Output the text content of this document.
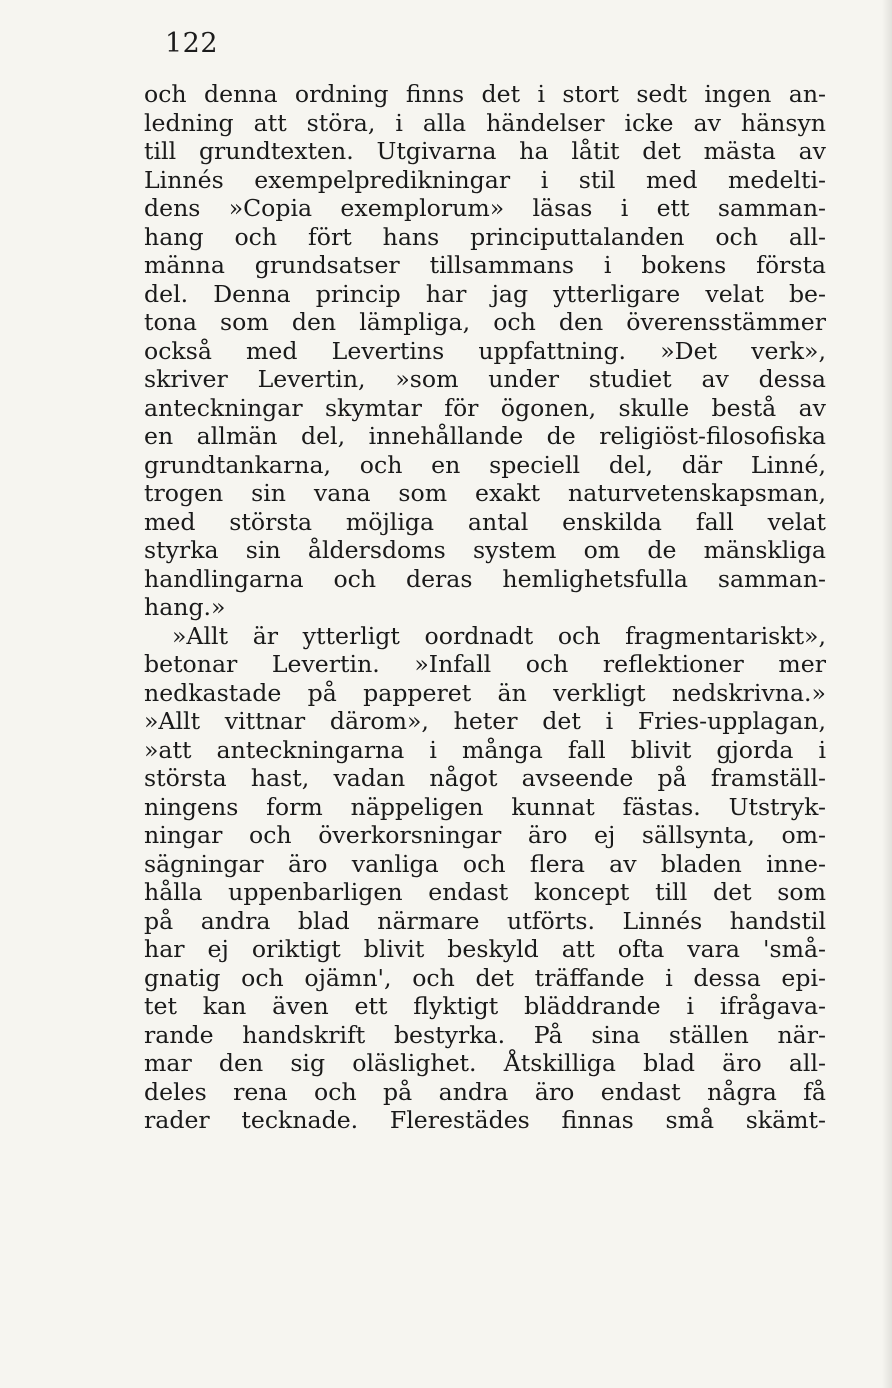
122
och denna ordning finns det i stort sedt ingen an-
ledning att störa, i alla händelser icke av hänsyn
till grundtexten. Utgivarna ha låtit det mästa av
Linnés exempelpredikningar i stil med medelti-
dens »Copia exemplorum» läsas i ett samman-
hang och fört hans principuttalanden och all-
männa grundsatser tillsammans i bokens första
del. Denna princip har jag ytterligare velat be-
tona som den lämpliga, och den överensstämmer
också med Levertins uppfattning. »Det verk»,
skriver Levertin, »som under studiet av dessa
anteckningar skymtar för ögonen, skulle bestå av
en allmän del, innehållande de religiöst-filosofiska
grundtankarna, och en speciell del, där Linné,
trogen sin vana som exakt naturvetenskapsman,
med största möjliga antal enskilda fall velat
styrka sin åldersdoms system om de mänskliga
handlingarna och deras hemlighetsfulla samman-
hang.»
»Allt är ytterligt oordnadt och fragmentariskt»,
betonar Levertin. »Infall och reflektioner mer
nedkastade på papperet än verkligt nedskrivna.»
»Allt vittnar därom», heter det i Fries-upplagan,
»att anteckningarna i många fall blivit gjorda i
största hast, vadan något avseende på framställ-
ningens form näppeligen kunnat fästas. Utstryk-
ningar och överkorsningar äro ej sällsynta, om-
sägningar äro vanliga och flera av bladen inne-
hålla uppenbarligen endast koncept till det som
på andra blad närmare utförts. Linnés handstil
har ej oriktigt blivit beskyld att ofta vara 'små-
gnatig och ojämn', och det träffande i dessa epi-
tet kan även ett flyktigt bläddrande i ifrågava-
rande handskrift bestyrka. På sina ställen när-
mar den sig oläslighet. Åtskilliga blad äro all-
deles rena och på andra äro endast några få
rader tecknade. Flerestädes finnas små skämt-
